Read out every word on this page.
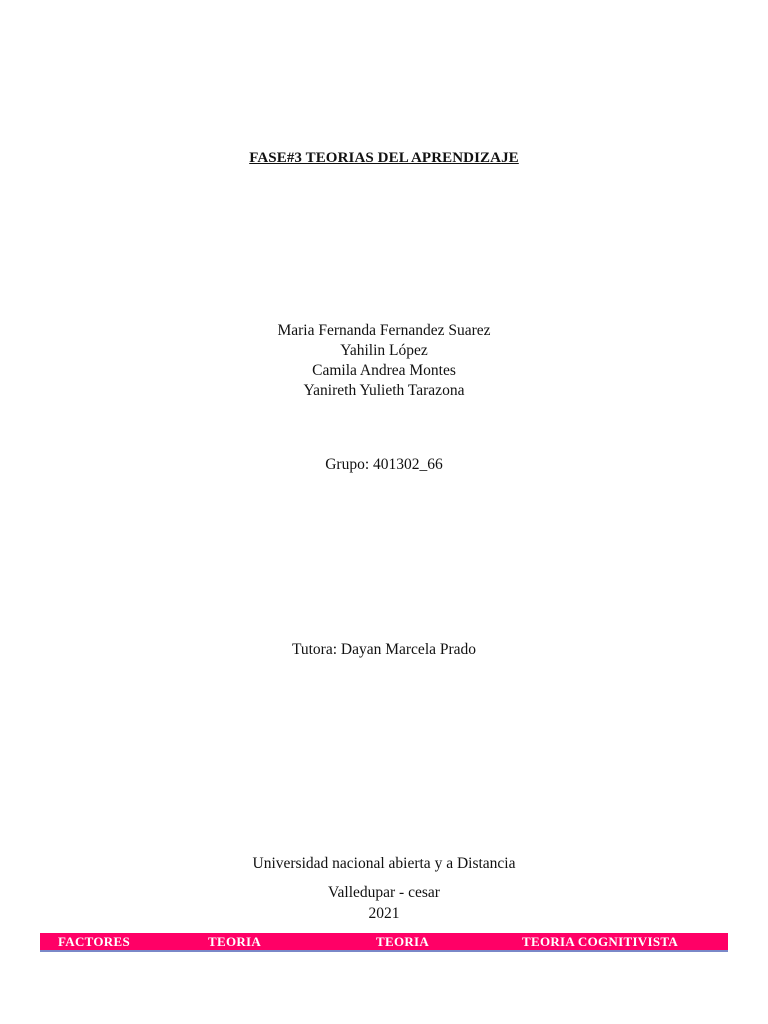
FASE#3 TEORIAS DEL APRENDIZAJE
Maria Fernanda Fernandez Suarez
Yahilin López
Camila Andrea Montes
Yanireth Yulieth Tarazona
Grupo: 401302_66
Tutora: Dayan Marcela Prado
Universidad nacional abierta y a Distancia
Valledupar - cesar
2021
FACTORES	TEORIA	TEORIA	TEORIA COGNITIVISTA
